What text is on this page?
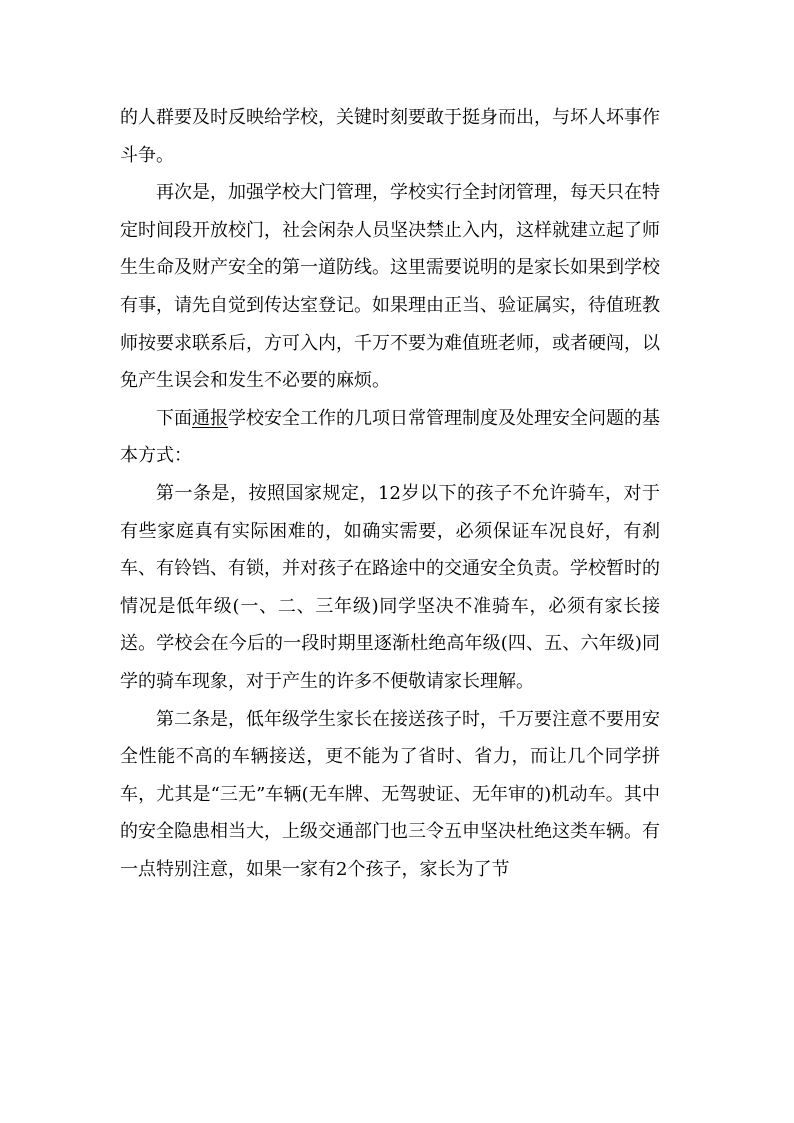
的人群要及时反映给学校，关键时刻要敢于挺身而出，与坏人坏事作斗争。

再次是，加强学校大门管理，学校实行全封闭管理，每天只在特定时间段开放校门，社会闲杂人员坚决禁止入内，这样就建立起了师生生命及财产安全的第一道防线。这里需要说明的是家长如果到学校有事，请先自觉到传达室登记。如果理由正当、验证属实，待值班教师按要求联系后，方可入内，千万不要为难值班老师，或者硬闯，以免产生误会和发生不必要的麻烦。

下面通报学校安全工作的几项日常管理制度及处理安全问题的基本方式：

第一条是，按照国家规定，12岁以下的孩子不允许骑车，对于有些家庭真有实际困难的，如确实需要，必须保证车况良好，有刹车、有铃铛、有锁，并对孩子在路途中的交通安全负责。学校暂时的情况是低年级(一、二、三年级)同学坚决不准骑车，必须有家长接送。学校会在今后的一段时期里逐渐杜绝高年级(四、五、六年级)同学的骑车现象，对于产生的许多不便敬请家长理解。

第二条是，低年级学生家长在接送孩子时，千万要注意不要用安全性能不高的车辆接送，更不能为了省时、省力，而让几个同学拼车，尤其是“三无”车辆(无车牌、无驾驶证、无年审的)机动车。其中的安全隐患相当大，上级交通部门也三令五申坚决杜绝这类车辆。有一点特别注意，如果一家有2个孩子，家长为了节
